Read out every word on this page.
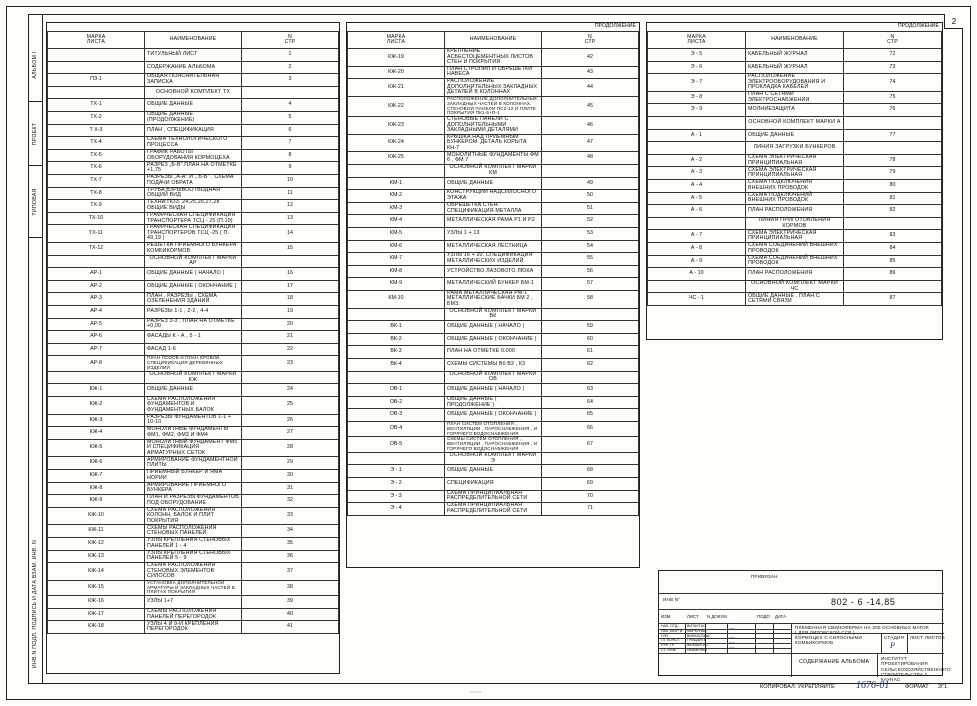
2
АЛЬБОМ I
ПРОЕКТ
ТИПОВАЯ
ИНВ.N ПОДЛ. ПОДПИСЬ И ДАТА ВЗАМ. ИНВ. N
МАРКА
ЛИСТА	НАИМЕНОВАНИЕ	N
СТР
	ТИТУЛЬНЫЙ ЛИСТ	1
	СОДЕРЖАНИЕ АЛЬБОМА	2
ПЗ-1	ОБЩАЯ ПОЯСНИТЕЛЬНАЯ ЗАПИСКА	3
	ОСНОВНОЙ КОМПЛЕКТ ТХ	
ТХ-1	ОБЩИЕ ДАННЫЕ	4
ТХ-2	ОБЩИЕ ДАННЫЕ (ПРОДОЛЖЕНИЕ)	5
Т Х-3	ПЛАН , СПЕЦИФИКАЦИЯ	6
ТХ-4	СХЕМА ТЕХНОЛОГИЧЕСКОГО ПРОЦЕССА	7
ТХ-5	ГРАФИК РАБОТЫ ОБОРУДОВАНИЯ КОРМОЦЕХА	8
ТХ-6	РАЗРЕЗ „Б-В" ПЛАН НА ОТМЕТКЕ +1,75	9
ТХ-7	РАЗРЕЗЫ „А-А" И „ Б-Б" . СХЕМА ПОДАЧИ ОБРАТА	10
ТХ-8	ТРУБА ВЗРЫВООТВОДНАЯ ОБЩИЙ ВИД	11
ТХ-9	ТЕХНИ ПОЗ. 24,25,26,27,28 ОБЩИЕ ВИДЫ	12
ТХ-10	ГРАФИЧЕСКАЯ СПЕЦИФИКАЦИЯ ТРАНСПОРТЕРА ТСЦ - 25 (П.19)	13
ТХ-11	ГРАФИЧЕСКАЯ СПЕЦИФИКАЦИЯ ТРАНСПОРТЕРОВ ТСЦ -25 ( П. 49,19 )	14
ТХ-12	РЕШЕТКА ПРИЕМНОГО БУНКЕРА КОМБИКОРМОВ	15
	ОСНОВНОЙ КОМПЛЕКТ МАРКИ АР	
АР-1	ОБЩИЕ ДАННЫЕ ( НАЧАЛО )	16
АР-2	ОБЩИЕ ДАННЫЕ ( ОКОНЧАНИЕ )	17
АР-3	ПЛАН , РАЗРЕЗЫ , СХЕМА ОЗЕЛЕНЕНИЯ ЗДАНИЙ	18
АР-4	РАЗРЕЗЫ 1-1 , 2-2 , 4-4	19
АР-5	РАЗРЕЗ 3-3 , ПЛАН НА ОТМЕТКЕ +0,00	20
АР-6	ФАСАДЫ К - А , 5 - 1	21
АР-7	ФАСАД 1-6	22
АР-8	ПЛАН ПОЛОВ И ПЛАН КРОВЛИ. СПЕЦИФИКАЦИЯ ДЕРЕВЯННЫХ ИЗДЕЛИЙ	23
	ОСНОВНОЙ КОМПЛЕКТ МАРКИ КЖ	
КЖ-1	ОБЩИЕ ДАННЫЕ	24
КЖ-2	СХЕМА РАСПОЛОЖЕНИЯ ФУНДАМЕНТОВ И ФУНДАМЕНТНЫХ БАЛОК	25
КЖ-3	РАЗРЕЗЫ ФУНДАМЕНТОВ 1-1 + 10-10	26
КЖ-4	МОНОЛИТНЫЕ ФУНДАМЕНТЫ ФМ1, ФМ2, ФМ3 И ФМ4	27
КЖ-5	МОНОЛИТНЫЙ ФУНДАМЕНТ ФМ5 И СПЕЦИФИКАЦИЯ АРМАТУРНЫХ СЕТОК	28
КЖ-6	АРМИРОВАНИЕ ФУНДАМЕНТНОЙ ПЛИТЫ	29
КЖ-7	ПРИЕМНЫЙ БУНКЕР И ЯМА НОРИИ	30
КЖ-8	АРМИРОВАНИЕ ПРИЕМНОГО БУНКЕРА	31
КЖ-9	ПЛАН И РАЗРЕЗЫ ФУНДАМЕНТОВ ПОД ОБОРУДОВАНИЕ	32
КЖ-10	СХЕМА РАСПОЛОЖЕНИЯ КОЛОНН, БАЛОК И ПЛИТ ПОКРЫТИЯ	33
КЖ-11	СХЕМЫ РАСПОЛОЖЕНИЯ СТЕНОВЫХ ПАНЕЛЕЙ	34
КЖ-12	УЗЛЫ КРЕПЛЕНИЯ СТЕНОВЫХ ПАНЕЛЕЙ 1 - 4	35
КЖ-13	УЗЛЫ КРЕПЛЕНИЯ СТЕНОВЫХ ПАНЕЛЕЙ 5 - 9	36
КЖ-14	СХЕМА РАСПОЛОЖЕНИЯ СТЕНОВЫХ ЭЛЕМЕНТОВ СИЛОСОВ	37
КЖ-15	УСТАНОВКА ДОПОЛНИТЕЛЬНОЙ АРМАТУРЫ И ЗАКЛАДНЫХ ЧАСТЕЙ В ПЛИТАХ ПОКРЫТИЯ	38
КЖ-16	УЗЛЫ 1+7	39
КЖ-17	СХЕМЫ РАСПОЛОЖЕНИЯ ПАНЕЛЕЙ ПЕРЕГОРОДОК	40
КЖ-18	УЗЛЫ 4 И 9-И КРЕПЛЕНИЯ ПЕРЕГОРОДОК	41
ПРОДОЛЖЕНИЕ
МАРКА
ЛИСТА	НАИМЕНОВАНИЕ	N
СТР
КЖ-19	КРЕПЛЕНИЕ АСБЕСТОЦЕМЕНТНЫХ ЛИСТОВ СТЕН И ПОКРЫТИЯ	42
КЖ-20	ПЛАН СТРОПИЛ И ОБРЕШЕТКИ НАВЕСА	43
КЖ-21	РАСПОЛОЖЕНИЕ ДОПОЛНИТЕЛЬНЫХ ЗАКЛАДНЫХ ДЕТАЛЕЙ В КОЛОННАХ	44
КЖ-22	РАСПОЛОЖЕНИЕ ДОПОЛНИТЕЛЬНЫХ ЗАКЛАДНЫХ ЧАСТЕЙ В КОЛОННАХ. СТЕНОВОЙ ПАНЕЛИ ПС2-12 И ПЛИТЕ ПОКРЫТИЯ ПК1-5+П-1	45
КЖ-23	СТЕНОВЫЕ ПАНЕЛИ С ДОПОЛНИТЕЛЬНЫМИ ЗАКЛАДНЫМИ ДЕТАЛЯМИ	46
КЖ-24	КРЫШКА НАД ПРИЕМНЫМ БУНКЕРОМ. ДЕТАЛЬ КОРЫТА КН-7	47
КЖ-25	МОНОЛИТНЫЕ ФУНДАМЕНТЫ ФМ 6 , ФМ 7	48
	ОСНОВНОЙ КОМПЛЕКТ МАРКИ КМ	
КМ-1	ОБЩИЕ ДАННЫЕ	49
КМ-2	КОНСТРУКЦИИ НАДСИЛОСНОГО ЭТАЖА	50
КМ-3	ОБРЕШЕТКА СТЕН. СПЕЦИФИКАЦИЯ МЕТАЛЛА	51
КМ-4	МЕТАЛЛИЧЕСКАЯ РАМА Р1 И Р2	52
КМ-5	УЗЛЫ 1 + 13	53
КМ-6	МЕТАЛЛИЧЕСКАЯ ЛЕСТНИЦА	54
КМ-7	УЗЛЫ 16 + 20. СПЕЦИФИКАЦИЯ МЕТАЛЛИЧЕСКИХ ИЗДЕЛИЙ	55
КМ-8	УСТРОЙСТВО ЛАЗОВОГО ЛЮКА	56
КМ-9	МЕТАЛЛИЧЕСКИЙ БУНКЕР БМ-1	57
КМ-10	РАМА МЕТАЛЛИЧЕСКАЯ РМ-1 МЕТАЛЛИЧЕСКИЕ БАЧКИ БМ 2 , БМ3.	58
	ОСНОВНОЙ КОМПЛЕКТ МАРКИ ВК	
ВК-1	ОБЩИЕ ДАННЫЕ ( НАЧАЛО )	59
ВК-2	ОБЩИЕ ДАННЫЕ ( ОКОНЧАНИЕ )	60
ВК-3	ПЛАН НА ОТМЕТКЕ 0.000	61
ВК-4	СХЕМЫ СИСТЕМЫ В0 В2 , К3	62
	ОСНОВНОЙ КОМПЛЕКТ МАРКИ ОВ	
ОВ-1	ОБЩИЕ ДАННЫЕ ( НАЧАЛО )	63
ОВ-2	ОБЩИЕ ДАННЫЕ ( ПРОДОЛЖЕНИЕ )	64
ОВ-3	ОБЩИЕ ДАННЫЕ ( ОКОНЧАНИЕ )	65
ОВ-4	ПЛАН СИСТЕМ ОТОПЛЕНИЯ , ВЕНТИЛЯЦИИ , ПАРОСНАБЖЕНИЯ , И ГОРЯЧЕГО ВОДОСНАБЖЕНИЯ	66
ОВ-5	СХЕМЫ СИСТЕМ ОТОПЛЕНИЯ , ВЕНТИЛЯЦИИ , ПАРОСНАБЖЕНИЯ , И ГОРЯЧЕГО ВОДОСНАБЖЕНИЯ	67
	ОСНОВНОЙ КОМПЛЕКТ МАРКИ Э	
Э - 1	ОБЩИЕ ДАННЫЕ	68
Э - 2	СПЕЦИФИКАЦИЯ	69
Э - 3	СХЕМА ПРИНЦИПИАЛЬНАЯ РАСПРЕДЕЛИТЕЛЬНОЙ СЕТИ	70
Э - 4	СХЕМА ПРИНЦИПИАЛЬНАЯ РАСПРЕДЕЛИТЕЛЬНОЙ СЕТИ	71
ПРОДОЛЖЕНИЕ
МАРКА
ЛИСТА	НАИМЕНОВАНИЕ	N
СТР
Э - 5	КАБЕЛЬНЫЙ ЖУРНАЛ	72
Э - 6	КАБЕЛЬНЫЙ ЖУРНАЛ	73
Э - 7	РАСПОЛОЖЕНИЕ ЭЛЕКТРООБОРУДОВАНИЯ И ПРОКЛАДКА КАБЕЛЕЙ	74
Э - 8	ПЛАН С СЕТЯМИ ЭЛЕКТРОСНАБЖЕНИЯ	75
Э - 9	МОЛНИЕЗАЩИТА	76
	ОСНОВНОЙ КОМПЛЕКТ МАРКИ А	
А - 1	ОБЩИЕ ДАННЫЕ	77
	ЛИНИЯ ЗАГРУЗКИ БУНКЕРОВ	
А - 2	СХЕМА ЭЛЕКТРИЧЕСКАЯ ПРИНЦИПИАЛЬНАЯ	78
А - 3	СХЕМА ЭЛЕКТРИЧЕСКАЯ ПРИНЦИПИАЛЬНАЯ	79
А - 4	СХЕМА ПОДКЛЮЧЕНИЯ ВНЕШНИХ ПРОВОДОК	80
А - 5	СХЕМА ПОДКЛЮЧЕНИЙ ВНЕШНИХ ПРОВОДОК	81
А - 6	ПЛАН РАСПОЛОЖЕНИЯ	82
	ЛИНИЯ ПРИГОТОВЛЕНИЯ КОРМОВ	
А - 7	СХЕМА ЭЛЕКТРИЧЕСКАЯ ПРИНЦИПИАЛЬНАЯ	83
А - 8	СХЕМА СОЕДИНЕНИЙ ВНЕШНИХ ПРОВОДОК	84
А - 9	СХЕМА СОЕДИНЕНИЙ ВНЕШНИХ ПРОВОДОК	85
А - 10	ПЛАН РАСПОЛОЖЕНИЯ	86
	ОСНОВНОЙ КОМПЛЕКТ МАРКИ ЧС	
ЧС - 1	ОБЩИЕ ДАННЫЕ . ПЛАН С СЕТЯМИ СВЯЗИ	87
ПРИВЯЗАН
ИНВ N°
ИЗМ	ЛИСТ N ДОКУМ	ПОДП ДАТА
НАЧ. ОТД. ВИТАУТАС	~~
НАЧ. БЮР. И. МАРКУНАС	~~
ГИП	ВИЛКАУСКАС	~~
ГЛ. КОНСТ. ГРИЦАЙТЕ	~~
РУК. ГР.	ЖЕМАЙТИС	~~
СТ. ИНЖ.	ЯКИМЕНКО	~~
ПЛЕМЕННАЯ СВИНОФЕРМА НА 200 ОСНОВНЫХ МАТОК
( ДЛЯ ЛИТОВСКОЙ ССР )
802 - 6 -14.85
КОРМОЦЕХ С СИЛОСНЫМИ
КОМБИКОРМОВ
СТАДИЯ ЛИСТ ЛИСТОВ
Р
СОДЕРЖАНИЕ АЛЬБОМА
ИНСТИТУТ ПРОЕКТИРОВАНИЯ
СЕЛЬСКОХОЗЯЙСТВЕННОГО
СТРОИТЕЛЬСТВА Г. КАУНАС
КОПИРОВАЛ: УКРЕПЛЯЙТЕ 1676-01	ФОРМАТ 2Г1
~~~~
